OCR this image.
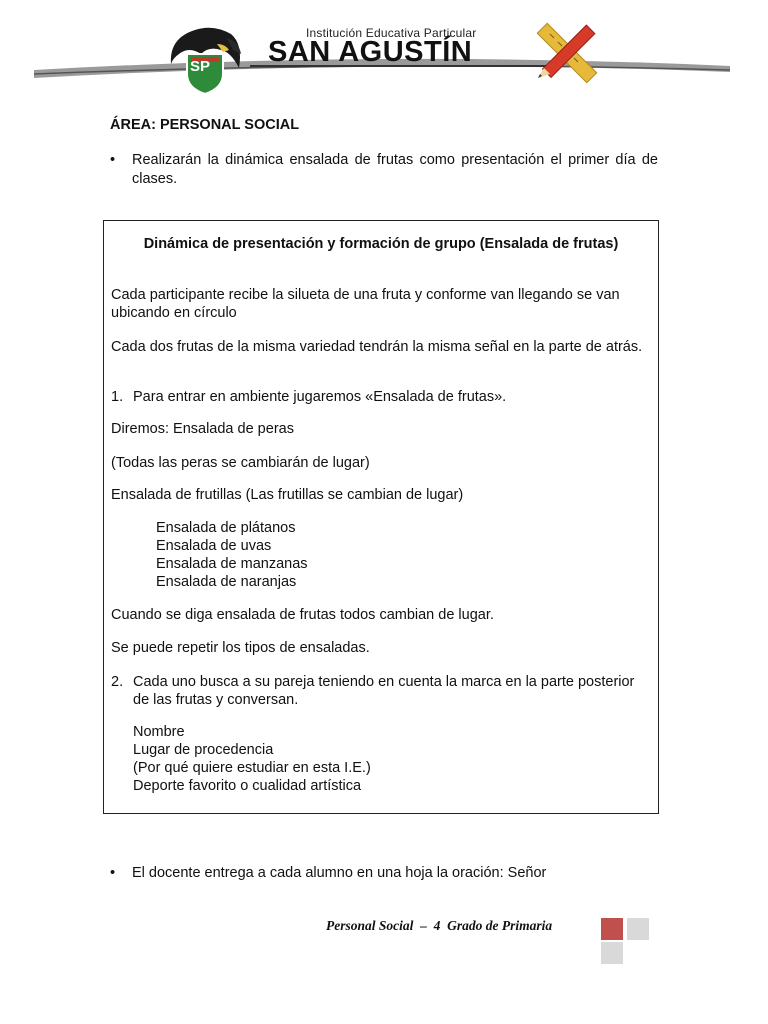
SP
Institución Educativa Particular
SAN AGUSTÍN
ÁREA: PERSONAL SOCIAL
•	Realizarán la dinámica ensalada de frutas como presentación el primer día de clases.
Dinámica de presentación y formación de grupo (Ensalada de frutas)
Cada participante recibe la silueta de una fruta y conforme van llegando se van ubicando en círculo
Cada dos frutas de la misma variedad tendrán la misma señal en la parte de atrás.
1. Para entrar en ambiente jugaremos «Ensalada de frutas».
Diremos: Ensalada de peras
(Todas las peras se cambiarán de lugar)
Ensalada de frutillas (Las frutillas se cambian de lugar)
Ensalada de plátanos
Ensalada de uvas
Ensalada de manzanas
Ensalada de naranjas
Cuando se diga ensalada de frutas todos cambian de lugar.
Se puede repetir los tipos de ensaladas.
2. Cada uno busca a su pareja teniendo en cuenta la marca en la parte posterior de las frutas y conversan.
Nombre
Lugar de procedencia
(Por qué quiere estudiar en esta I.E.)
Deporte favorito o cualidad artística
•	El docente entrega a cada alumno en una hoja la oración: Señor
Personal Social  –  4  Grado de Primaria
